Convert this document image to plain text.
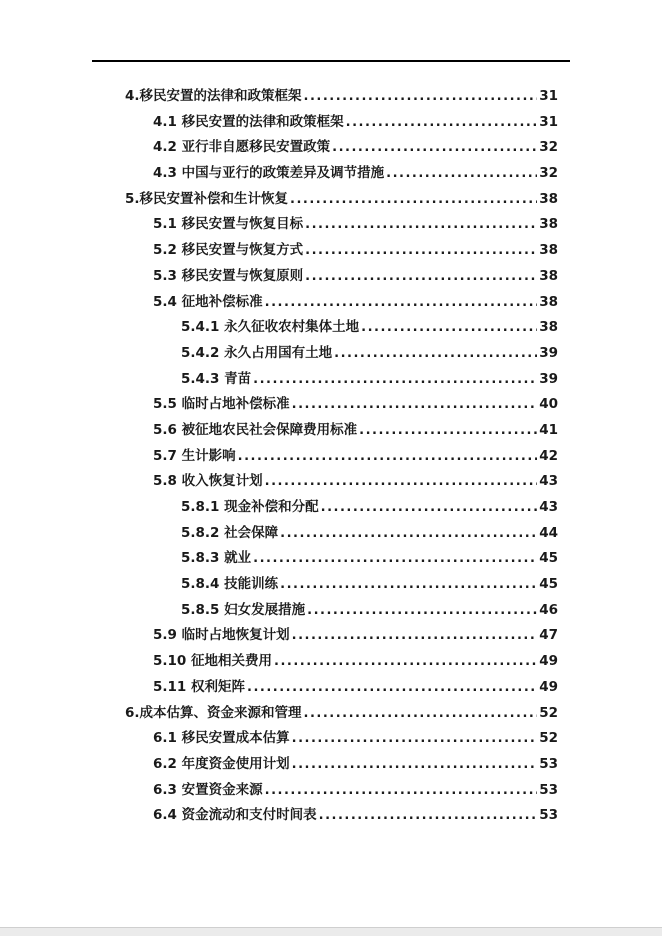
4.移民安置的法律和政策框架 .....	31
4.1 移民安置的法律和政策框架 .....	31
4.2 亚行非自愿移民安置政策 .....	32
4.3 中国与亚行的政策差异及调节措施 .....	32
5.移民安置补偿和生计恢复 .....	38
5.1 移民安置与恢复目标 .....	38
5.2 移民安置与恢复方式 .....	38
5.3 移民安置与恢复原则 .....	38
5.4 征地补偿标准 .....	38
5.4.1 永久征收农村集体土地 .....	38
5.4.2 永久占用国有土地 .....	39
5.4.3 青苗 .....	39
5.5 临时占地补偿标准 .....	40
5.6 被征地农民社会保障费用标准 .....	41
5.7 生计影响 .....	42
5.8 收入恢复计划 .....	43
5.8.1 现金补偿和分配 .....	43
5.8.2 社会保障 .....	44
5.8.3 就业 .....	45
5.8.4 技能训练 .....	45
5.8.5 妇女发展措施 .....	46
5.9 临时占地恢复计划 .....	47
5.10 征地相关费用 .....	49
5.11 权利矩阵 .....	49
6.成本估算、资金来源和管理 .....	52
6.1 移民安置成本估算 .....	52
6.2 年度资金使用计划 .....	53
6.3 安置资金来源 .....	53
6.4 资金流动和支付时间表 .....	53
